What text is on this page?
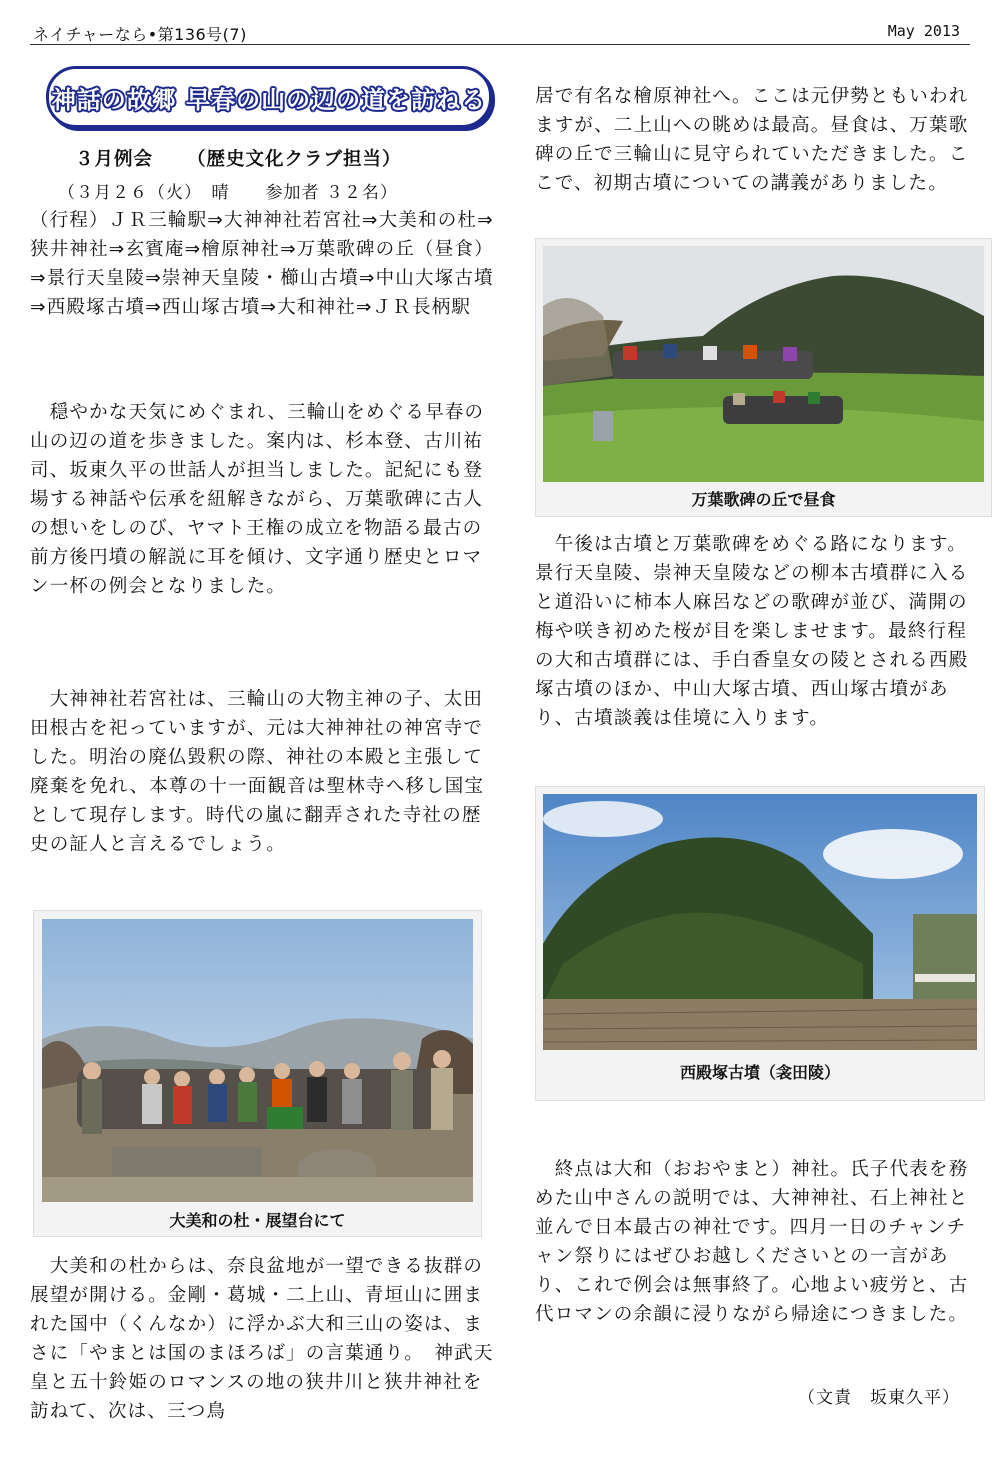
ネイチャーなら•第136号(7)	May 2013
神話の故郷 早春の山の辺の道を訪ねる
３月例会 （歴史文化クラブ担当）
（３月２６（火）　晴　　参加者 ３２名）
（行程）ＪＲ三輪駅⇒大神神社若宮社⇒大美和の杜⇒狭井神社⇒玄賓庵⇒檜原神社⇒万葉歌碑の丘（昼食）⇒景行天皇陵⇒崇神天皇陵・櫛山古墳⇒中山大塚古墳⇒西殿塚古墳⇒西山塚古墳⇒大和神社⇒ＪＲ長柄駅
　穏やかな天気にめぐまれ、三輪山をめぐる早春の山の辺の道を歩きました。案内は、杉本登、古川祐司、坂東久平の世話人が担当しました。記紀にも登場する神話や伝承を紐解きながら、万葉歌碑に古人の想いをしのび、ヤマト王権の成立を物語る最古の前方後円墳の解説に耳を傾け、文字通り歴史とロマン一杯の例会となりました。
　大神神社若宮社は、三輪山の大物主神の子、太田田根古を祀っていますが、元は大神神社の神宮寺でした。明治の廃仏毀釈の際、神社の本殿と主張して廃棄を免れ、本尊の十一面観音は聖林寺へ移し国宝として現存します。時代の嵐に翻弄された寺社の歴史の証人と言えるでしょう。
大美和の杜・展望台にて
　大美和の杜からは、奈良盆地が一望できる抜群の展望が開ける。金剛・葛城・二上山、青垣山に囲まれた国中（くんなか）に浮かぶ大和三山の姿は、まさに「やまとは国のまほろば」の言葉通り。　神武天皇と五十鈴姫のロマンスの地の狭井川と狭井神社を訪ねて、次は、三つ鳥
居で有名な檜原神社へ。ここは元伊勢ともいわれますが、二上山への眺めは最高。昼食は、万葉歌碑の丘で三輪山に見守られていただきました。ここで、初期古墳についての講義がありました。
万葉歌碑の丘で昼食
　午後は古墳と万葉歌碑をめぐる路になります。景行天皇陵、崇神天皇陵などの柳本古墳群に入ると道沿いに柿本人麻呂などの歌碑が並び、満開の梅や咲き初めた桜が目を楽しませます。最終行程の大和古墳群には、手白香皇女の陵とされる西殿塚古墳のほか、中山大塚古墳、西山塚古墳があり、古墳談義は佳境に入ります。
西殿塚古墳（衾田陵）
　終点は大和（おおやまと）神社。氏子代表を務めた山中さんの説明では、大神神社、石上神社と並んで日本最古の神社です。四月一日のチャンチャン祭りにはぜひお越しくださいとの一言があり、これで例会は無事終了。心地よい疲労と、古代ロマンの余韻に浸りながら帰途につきました。
（文責　坂東久平）
